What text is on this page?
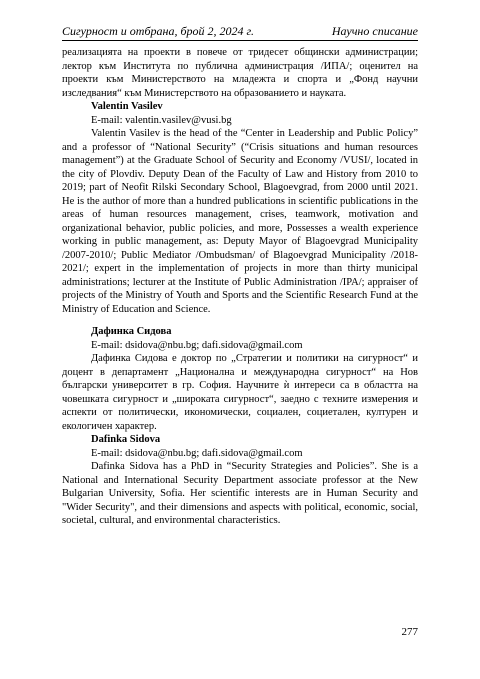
Сигурност и отбрана, брой 2, 2024 г.	Научно списание

реализацията на проекти в повече от тридесет общински администрации; лектор към Института по публична администрация /ИПА/; оценител на проекти към Министерството на младежта и спорта и „Фонд научни изследвания“ към Министерството на образованието и науката.

Valentin Vasilev

E-mail: valentin.vasilev@vusi.bg

Valentin Vasilev is the head of the “Center in Leadership and Public Policy” and a professor of “National Security” (“Crisis situations and human resources management”) at the Graduate School of Security and Economy /VUSI/, located in the city of Plovdiv. Deputy Dean of the Faculty of Law and History from 2010 to 2019; part of Neofit Rilski Secondary School, Blagoevgrad, from 2000 until 2021. He is the author of more than a hundred publications in scientific publications in the areas of human resources management, crises, teamwork, motivation and organizational behavior, public policies, and more, Possesses a wealth experience working in public management, as: Deputy Mayor of Blagoevgrad Municipality /2007-2010/; Public Mediator /Ombudsman/ of Blagoevgrad Municipality /2018-2021/; expert in the implementation of projects in more than thirty municipal administrations; lecturer at the Institute of Public Administration /IPA/; appraiser of projects of the Ministry of Youth and Sports and the Scientific Research Fund at the Ministry of Education and Science.

Дафинка Сидова

E-mail: dsidova@nbu.bg; dafi.sidova@gmail.com

Дафинка Сидова е доктор по „Стратегии и политики на сигурност“ и доцент в департамент „Национална и международна сигурност“ на Нов български университет в гр. София. Научните ѝ интереси са в областта на човешката сигурност и „широката сигурност“, заедно с техните измерения и аспекти от политически, икономически, социален, социетален, културен и екологичен характер.

Dafinka Sidova

E-mail: dsidova@nbu.bg; dafi.sidova@gmail.com

Dafinka Sidova has a PhD in “Security Strategies and Policies”. She is a National and International Security Department associate professor at the New Bulgarian University, Sofia. Her scientific interests are in Human Security and "Wider Security", and their dimensions and aspects with political, economic, social, societal, cultural, and environmental characteristics.

277
